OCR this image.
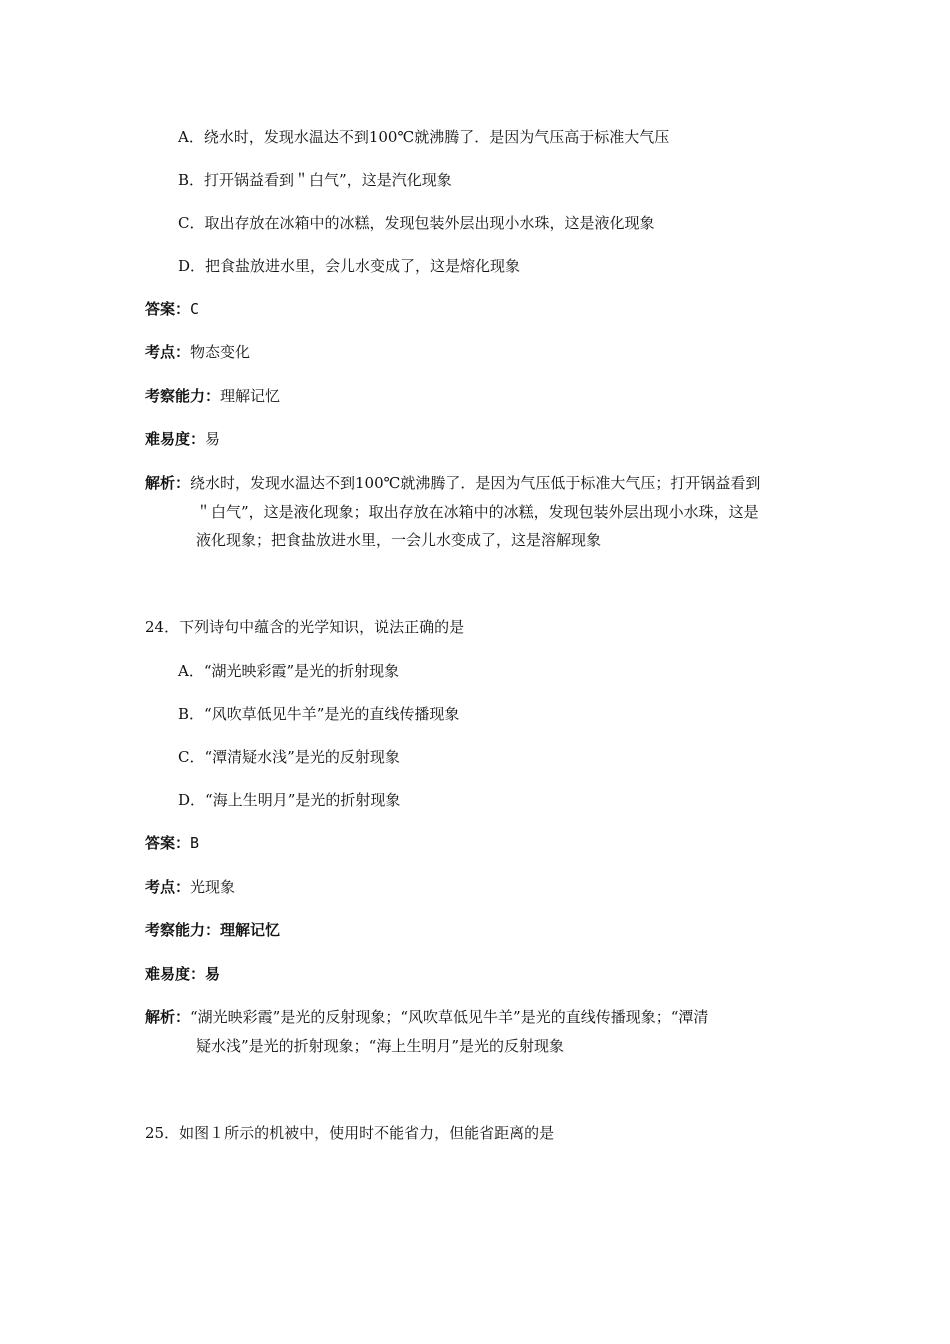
A．绕水时，发现水温达不到100℃就沸腾了．是因为气压高于标准大气压
B．打开锅益看到＂白气”，这是汽化现象
C．取出存放在冰箱中的冰糕，发现包装外层出现小水珠，这是液化现象
D．把食盐放进水里，会儿水变成了，这是熔化现象
答案：C
考点：物态变化
考察能力：理解记忆
难易度：易
解析：绕水时，发现水温达不到100℃就沸腾了．是因为气压低于标准大气压；打开锅益看到
＂白气”，这是液化现象；取出存放在冰箱中的冰糕，发现包装外层出现小水珠，这是
液化现象；把食盐放进水里，一会儿水变成了，这是溶解现象
24．下列诗句中蕴含的光学知识，说法正确的是
A．“湖光映彩霞”是光的折射现象
B．“风吹草低见牛羊”是光的直线传播现象
C．“潭清疑水浅”是光的反射现象
D．“海上生明月”是光的折射现象
答案：B
考点：光现象
考察能力：理解记忆
难易度：易
解析：“湖光映彩霞”是光的反射现象；“风吹草低见牛羊”是光的直线传播现象；“潭清
疑水浅”是光的折射现象；“海上生明月”是光的反射现象
25．如图１所示的机被中，使用时不能省力，但能省距离的是
